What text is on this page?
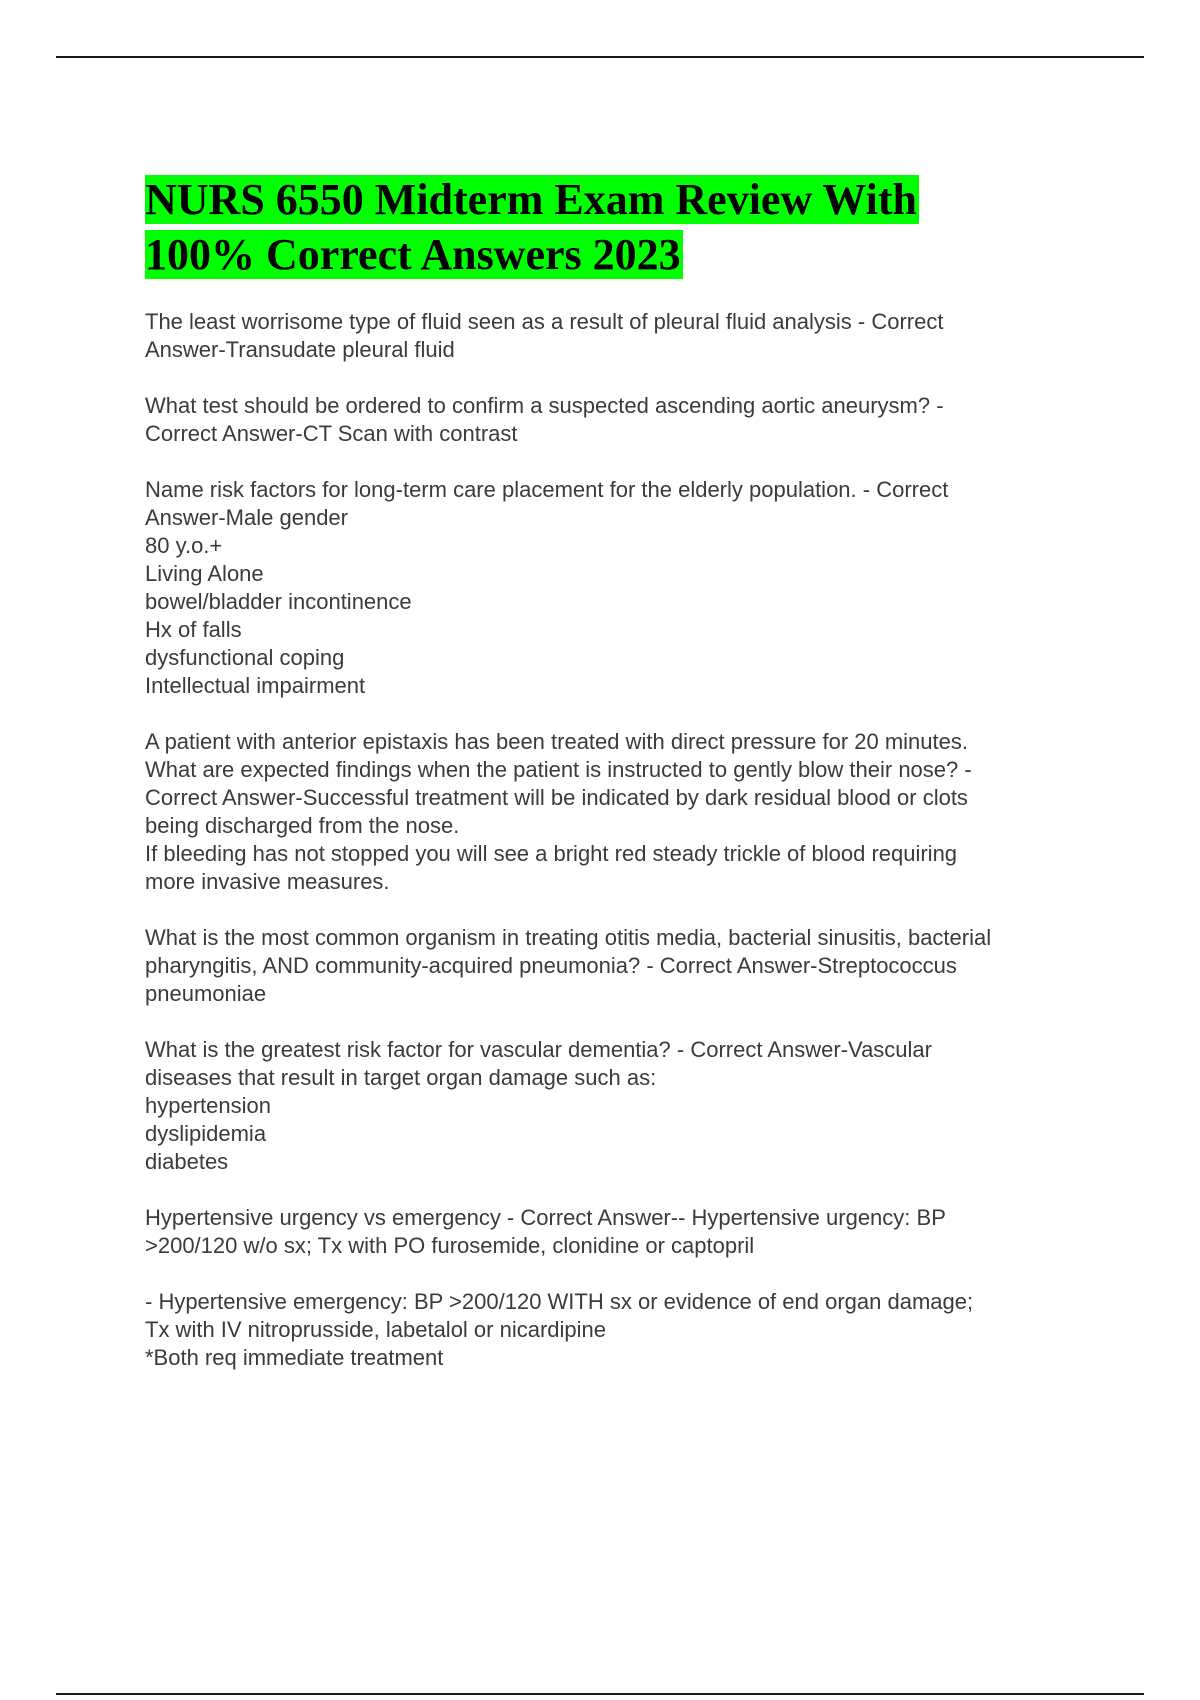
NURS 6550 Midterm Exam Review With
100% Correct Answers 2023
The least worrisome type of fluid seen as a result of pleural fluid analysis - Correct
Answer-Transudate pleural fluid
What test should be ordered to confirm a suspected ascending aortic aneurysm? -
Correct Answer-CT Scan with contrast
Name risk factors for long-term care placement for the elderly population. - Correct
Answer-Male gender
80 y.o.+
Living Alone
bowel/bladder incontinence
Hx of falls
dysfunctional coping
Intellectual impairment
A patient with anterior epistaxis has been treated with direct pressure for 20 minutes.
What are expected findings when the patient is instructed to gently blow their nose? -
Correct Answer-Successful treatment will be indicated by dark residual blood or clots
being discharged from the nose.
If bleeding has not stopped you will see a bright red steady trickle of blood requiring
more invasive measures.
What is the most common organism in treating otitis media, bacterial sinusitis, bacterial
pharyngitis, AND community-acquired pneumonia? - Correct Answer-Streptococcus
pneumoniae
What is the greatest risk factor for vascular dementia? - Correct Answer-Vascular
diseases that result in target organ damage such as:
hypertension
dyslipidemia
diabetes
Hypertensive urgency vs emergency - Correct Answer-- Hypertensive urgency: BP
>200/120 w/o sx; Tx with PO furosemide, clonidine or captopril
- Hypertensive emergency: BP >200/120 WITH sx or evidence of end organ damage;
Tx with IV nitroprusside, labetalol or nicardipine
*Both req immediate treatment
